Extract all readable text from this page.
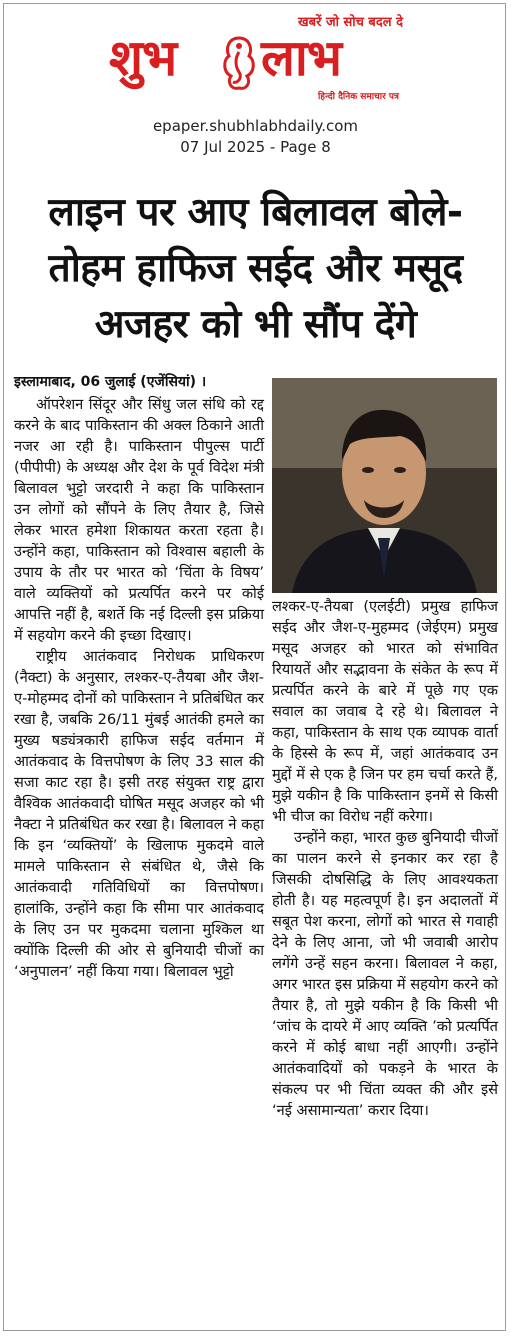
खबरें जो सोच बदल दे
शुभ लाभ
हिन्दी दैनिक समाचार पत्र
epaper.shubhlabhdaily.com
07 Jul 2025 - Page 8
लाइन पर आए बिलावल बोले-
तोहम हाफिज सईद और मसूद
अजहर को भी सौंप देंगे
इस्लामाबाद, 06 जुलाई (एजेंसियां) ।

ऑपरेशन सिंदूर और सिंधु जल संधि को रद्द करने के बाद पाकिस्तान की अक्ल ठिकाने आती नजर आ रही है। पाकिस्तान पीपुल्स पार्टी (पीपीपी) के अध्यक्ष और देश के पूर्व विदेश मंत्री बिलावल भुट्टो जरदारी ने कहा कि पाकिस्तान उन लोगों को सौंपने के लिए तैयार है, जिसे लेकर भारत हमेशा शिकायत करता रहता है। उन्होंने कहा, पाकिस्तान को विश्वास बहाली के उपाय के तौर पर भारत को ‘चिंता के विषय’ वाले व्यक्तियों को प्रत्यर्पित करने पर कोई आपत्ति नहीं है, बशर्ते कि नई दिल्ली इस प्रक्रिया में सहयोग करने की इच्छा दिखाए।

राष्ट्रीय आतंकवाद निरोधक प्राधिकरण (नैक्टा) के अनुसार, लश्कर-ए-तैयबा और जैश-ए-मोहम्मद दोनों को पाकिस्तान ने प्रतिबंधित कर रखा है, जबकि 26/11 मुंबई आतंकी हमले का मुख्य षड्यंत्रकारी हाफिज सईद वर्तमान में आतंकवाद के वित्तपोषण के लिए 33 साल की सजा काट रहा है। इसी तरह संयुक्त राष्ट्र द्वारा वैश्विक आतंकवादी घोषित मसूद अजहर को भी नैक्टा ने प्रतिबंधित कर रखा है। बिलावल ने कहा कि इन ‘व्यक्तियों’ के खिलाफ मुकदमे वाले मामले पाकिस्तान से संबंधित थे, जैसे कि आतंकवादी गतिविधियों का वित्तपोषण। हालांकि, उन्होंने कहा कि सीमा पार आतंकवाद के लिए उन पर मुकदमा चलाना मुश्किल था क्योंकि दिल्ली की ओर से बुनियादी चीजों का ‘अनुपालन’ नहीं किया गया। बिलावल भुट्टो

लश्कर-ए-तैयबा (एलईटी) प्रमुख हाफिज सईद और जैश-ए-मुहम्मद (जेईएम) प्रमुख मसूद अजहर को भारत को संभावित रियायतें और सद्भावना के संकेत के रूप में प्रत्यर्पित करने के बारे में पूछे गए एक सवाल का जवाब दे रहे थे। बिलावल ने कहा, पाकिस्तान के साथ एक व्यापक वार्ता के हिस्से के रूप में, जहां आतंकवाद उन मुद्दों में से एक है जिन पर हम चर्चा करते हैं, मुझे यकीन है कि पाकिस्तान इनमें से किसी भी चीज का विरोध नहीं करेगा।

उन्होंने कहा, भारत कुछ बुनियादी चीजों का पालन करने से इनकार कर रहा है जिसकी दोषसिद्धि के लिए आवश्यकता होती है। यह महत्वपूर्ण है। इन अदालतों में सबूत पेश करना, लोगों को भारत से गवाही देने के लिए आना, जो भी जवाबी आरोप लगेंगे उन्हें सहन करना। बिलावल ने कहा, अगर भारत इस प्रक्रिया में सहयोग करने को तैयार है, तो मुझे यकीन है कि किसी भी ‘जांच के दायरे में आए व्यक्ति ’को प्रत्यर्पित करने में कोई बाधा नहीं आएगी। उन्होंने आतंकवादियों को पकड़ने के भारत के संकल्प पर भी चिंता व्यक्त की और इसे ‘नई असामान्यता’ करार दिया।
